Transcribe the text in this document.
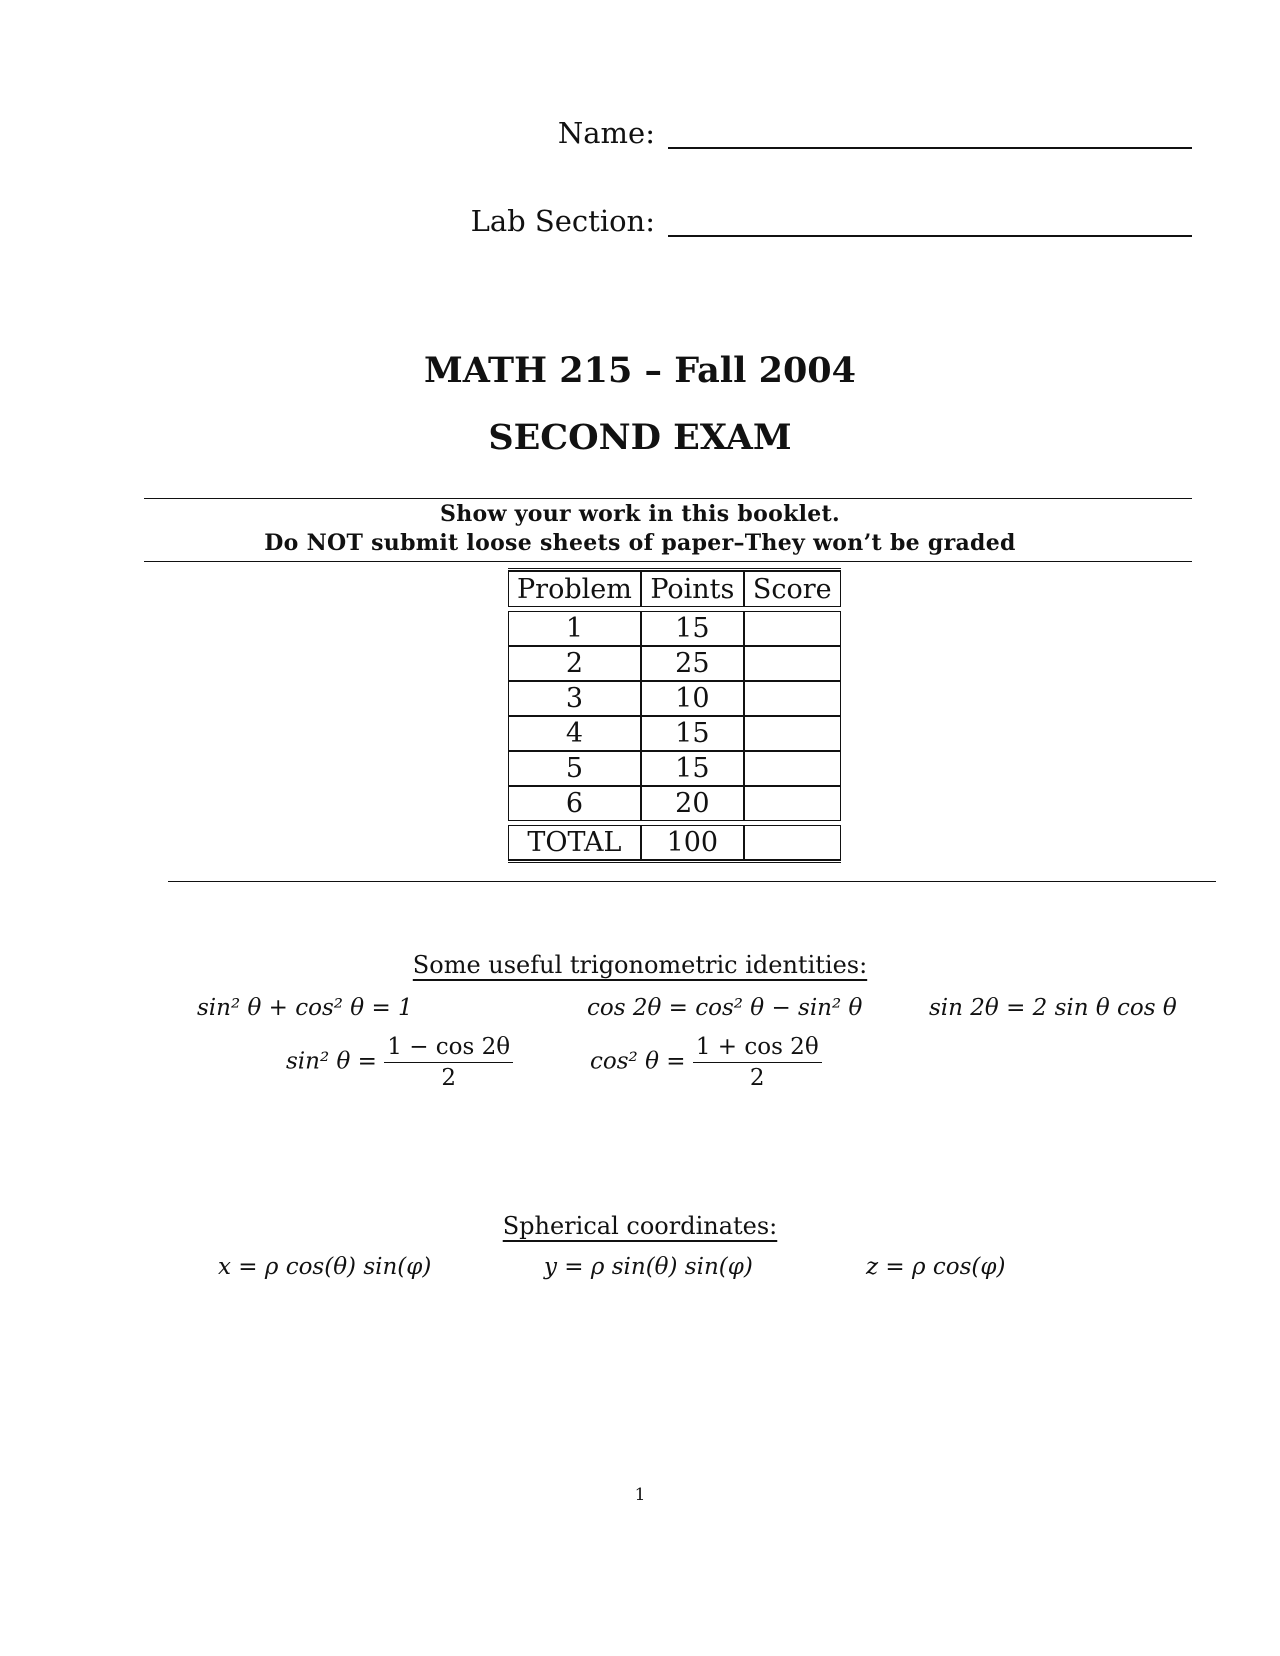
Name:
Lab Section:
MATH 215 – Fall 2004
SECOND EXAM
Show your work in this booklet.
Do NOT submit loose sheets of paper–They won’t be graded
Problem	Points	Score

1	15	
2	25	
3	10	
4	15	
5	15	
6	20	

TOTAL	100	
Some useful trigonometric identities:
sin² θ + cos² θ = 1	cos 2θ = cos² θ − sin² θ	sin 2θ = 2 sin θ cos θ
sin² $\theta = \frac{1 - \cos 2\theta}{2}$	cos² $\theta = \frac{1 + \cos 2\theta}{2}$
Spherical coordinates:
x = ρ cos(θ) sin(φ)	y = ρ sin(θ) sin(φ)	z = ρ cos(φ)
1
